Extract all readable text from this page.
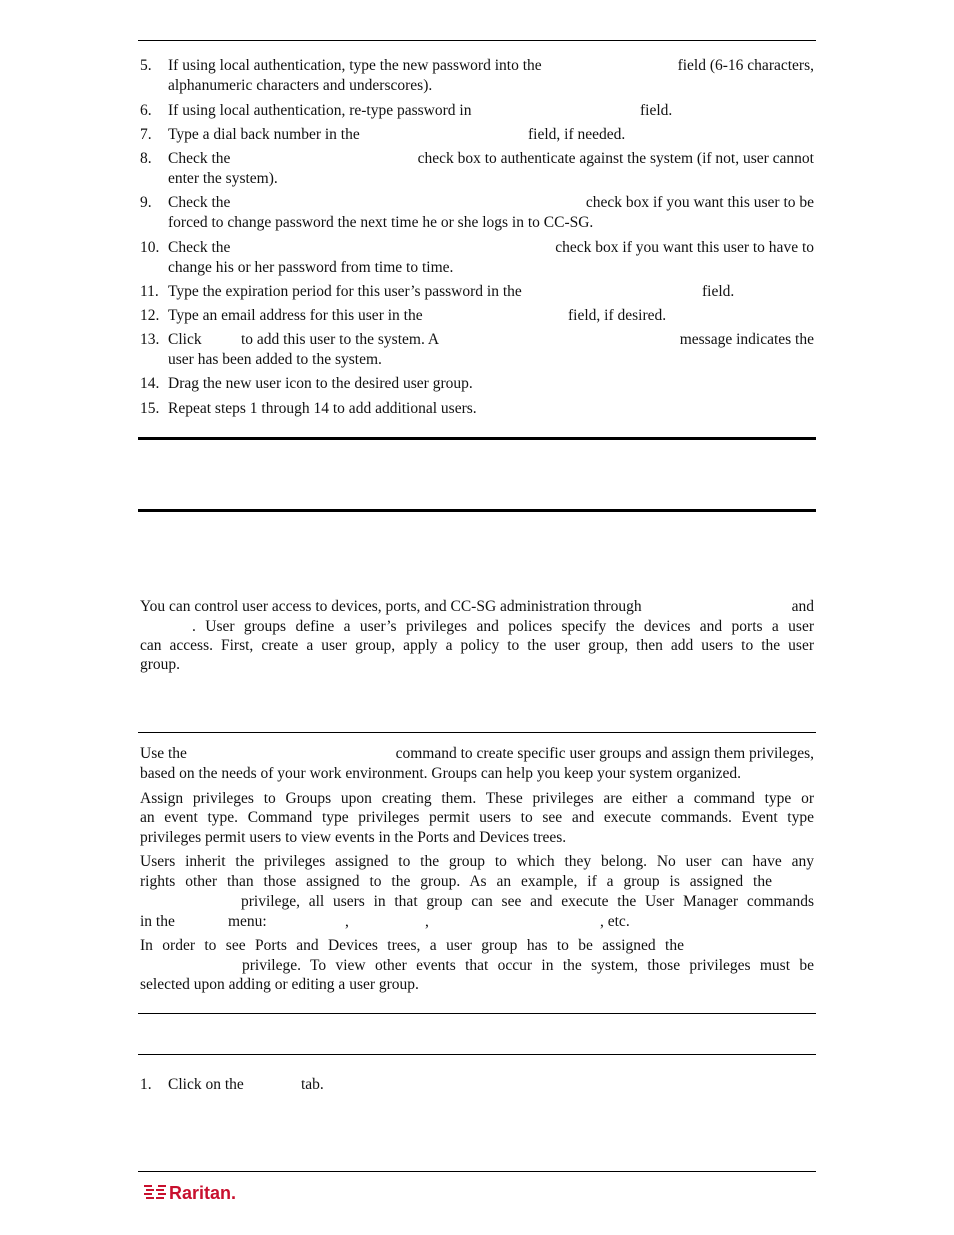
5. If using local authentication, type the new password into the	field (6-16 characters,
alphanumeric characters and underscores).
6. If using local authentication, re-type password in	field.
7. Type a dial back number in the	field, if needed.
8. Check the	check box to authenticate against the system (if not, user cannot
enter the system).
9. Check the	check box if you want this user to be
forced to change password the next time he or she logs in to CC-SG.
10. Check the	check box if you want this user to have to
change his or her password from time to time.
11. Type the expiration period for this user’s password in the	field.
12. Type an email address for this user in the	field, if desired.
13. Click	to add this user to the system. A	message indicates the
user has been added to the system.
14. Drag the new user icon to the desired user group.
15. Repeat steps 1 through 14 to add additional users.
You can control user access to devices, ports, and CC-SG administration through	and
. User groups define a user’s privileges and polices specify the devices and ports a user
can access. First, create a user group, apply a policy to the user group, then add users to the user
group.
Use the	command to create specific user groups and assign them privileges,
based on the needs of your work environment. Groups can help you keep your system organized.
Assign privileges to Groups upon creating them. These privileges are either a command type or
an event type. Command type privileges permit users to see and execute commands. Event type
privileges permit users to view events in the Ports and Devices trees.
Users inherit the privileges assigned to the group to which they belong. No user can have any
rights other than those assigned to the group. As an example, if a group is assigned the
privilege, all users in that group can see and execute the User Manager commands
in the	menu:	,	,	, etc.
In order to see Ports and Devices trees, a user group has to be assigned the
privilege. To view other events that occur in the system, those privileges must be
selected upon adding or editing a user group.
1. Click on the	tab.
Raritan.
